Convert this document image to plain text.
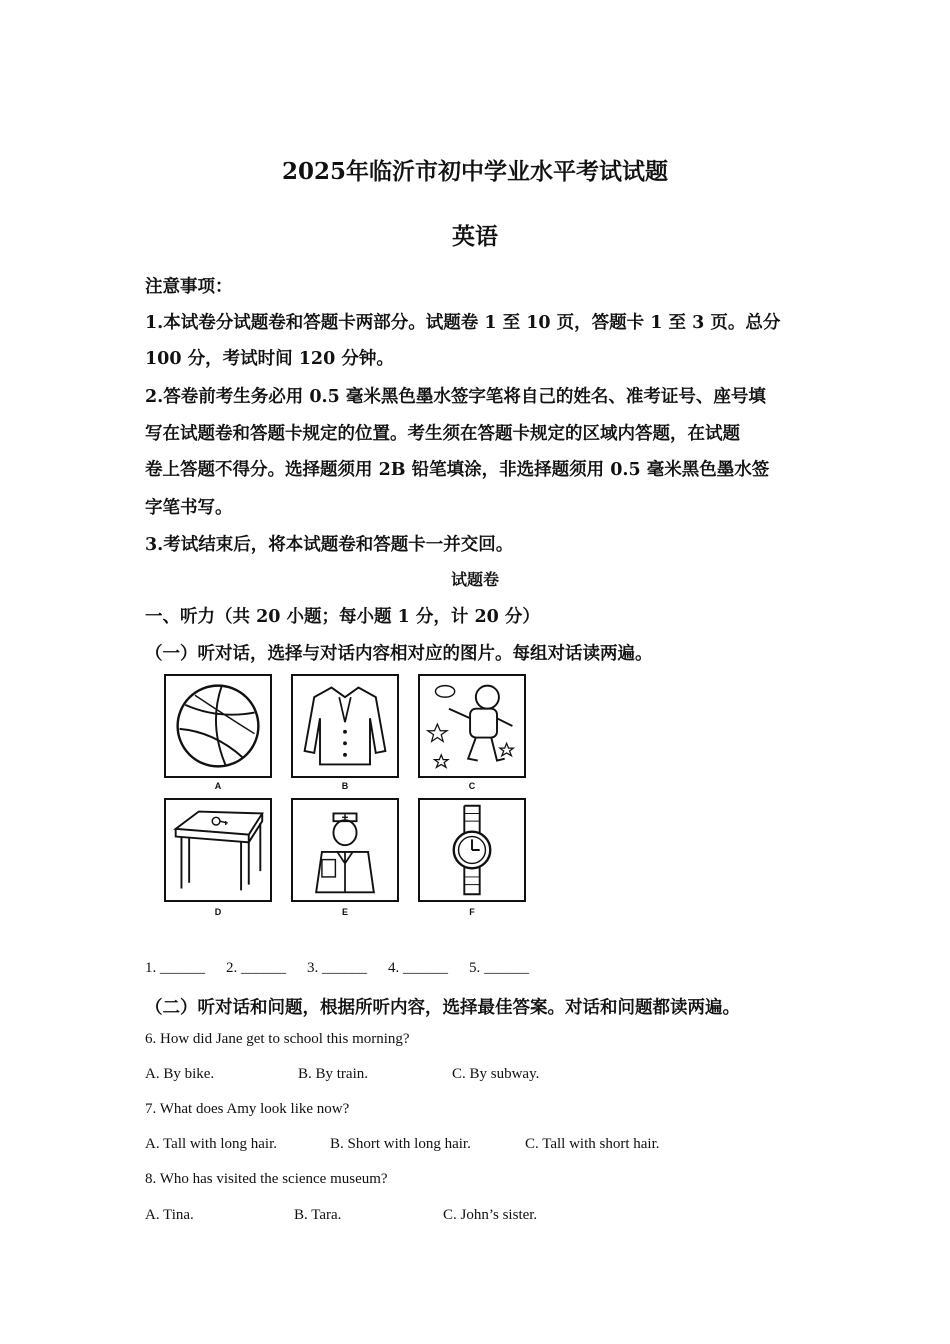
2025年临沂市初中学业水平考试试题
英语
注意事项：
1.本试卷分试题卷和答题卡两部分。试题卷 1 至 10 页，答题卡 1 至 3 页。总分
100 分，考试时间 120 分钟。
2.答卷前考生务必用 0.5 毫米黑色墨水签字笔将自己的姓名、准考证号、座号填
写在试题卷和答题卡规定的位置。考生须在答题卡规定的区域内答题，在试题
卷上答题不得分。选择题须用 2B 铅笔填涂，非选择题须用 0.5 毫米黑色墨水签
字笔书写。
3.考试结束后，将本试题卷和答题卡一并交回。
试题卷
一、听力（共 20 小题；每小题 1 分，计 20 分）
（一）听对话，选择与对话内容相对应的图片。每组对话读两遍。
A	B	C
D	E	F
1. ______ 2. ______ 3. ______ 4. ______ 5. ______
（二）听对话和问题，根据所听内容，选择最佳答案。对话和问题都读两遍。
6. How did Jane get to school this morning?
A. By bike.	B. By train.	C. By subway.
7. What does Amy look like now?
A. Tall with long hair.	B. Short with long hair.	C. Tall with short hair.
8. Who has visited the science museum?
A. Tina.	B. Tara.	C. John’s sister.
